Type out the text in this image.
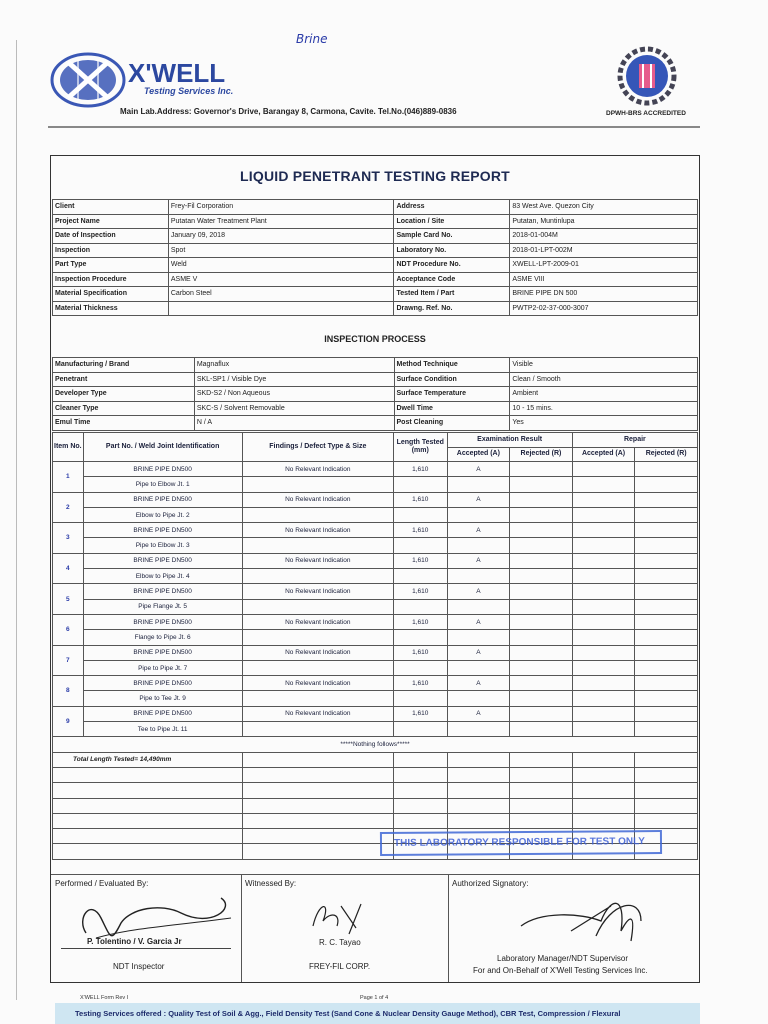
Brine
X'WELL
Testing Services Inc.
Main Lab.Address: Governor's Drive, Barangay 8, Carmona, Cavite. Tel.No.(046)889-0836	DPWH-BRS ACCREDITED
LIQUID PENETRANT TESTING REPORT
Client	Frey-Fil Corporation	Address	83 West Ave. Quezon City
Project Name	Putatan Water Treatment Plant	Location / Site	Putatan, Muntinlupa
Date of Inspection	January 09, 2018	Sample Card No.	2018-01-004M
Inspection	Spot	Laboratory No.	2018-01-LPT-002M
Part Type	Weld	NDT Procedure No.	XWELL-LPT-2009-01
Inspection Procedure	ASME V	Acceptance Code	ASME VIII
Material Specification	Carbon Steel	Tested Item / Part	BRINE PIPE DN 500
Material Thickness		Drawng. Ref. No.	PWTP2-02-37-000-3007
INSPECTION PROCESS
Manufacturing / Brand	Magnaflux	Method Technique	Visible
Penetrant	SKL-SP1 / Visible Dye	Surface Condition	Clean / Smooth
Developer Type	SKD-S2 / Non Aqueous	Surface Temperature	Ambient
Cleaner Type	SKC-S / Solvent Removable	Dwell Time	10 - 15 mins.
Emul Time	N / A	Post Cleaning	Yes
Item No.	Part No. / Weld Joint Identification	Findings / Defect Type & Size	Length Tested (mm)	Examination Result		Repair	
				Accepted (A)	Rejected (R)	Accepted (A)	Rejected (R)
1	BRINE PIPE DN500	No Relevant Indication	1,610	A			
	Pipe to Elbow Jt. 1						
2	BRINE PIPE DN500	No Relevant Indication	1,610	A			
	Elbow to Pipe Jt. 2						
3	BRINE PIPE DN500	No Relevant Indication	1,610	A			
	Pipe to Elbow Jt. 3						
4	BRINE PIPE DN500	No Relevant Indication	1,610	A			
	Elbow to Pipe Jt. 4						
5	BRINE PIPE DN500	No Relevant Indication	1,610	A			
	Pipe Flange Jt. 5						
6	BRINE PIPE DN500	No Relevant Indication	1,610	A			
	Flange to Pipe Jt. 6						
7	BRINE PIPE DN500	No Relevant Indication	1,610	A			
	Pipe to Pipe Jt. 7						
8	BRINE PIPE DN500	No Relevant Indication	1,610	A			
	Pipe to Tee Jt. 9						
9	BRINE PIPE DN500	No Relevant Indication	1,610	A			
	Tee to Pipe Jt. 11						
*****Nothing follows*****							
Total Length Tested= 14,490mm							

Performed / Evaluated By:	Witnessed By:	Authorized Signatory:
P. Tolentino / V. Garcia Jr
NDT Inspector
R. C. Tayao
FREY-FIL CORP.
Laboratory Manager/NDT Supervisor
For and On-Behalf of X'Well Testing Services Inc.
THIS LABORATORY RESPONSIBLE FOR TEST ONLY
X'WELL Form Rev I	Page 1 of 4
Testing Services offered : Quality Test of Soil & Agg., Field Density Test (Sand Cone & Nuclear Density Gauge Method), CBR Test, Compression / Flexural
